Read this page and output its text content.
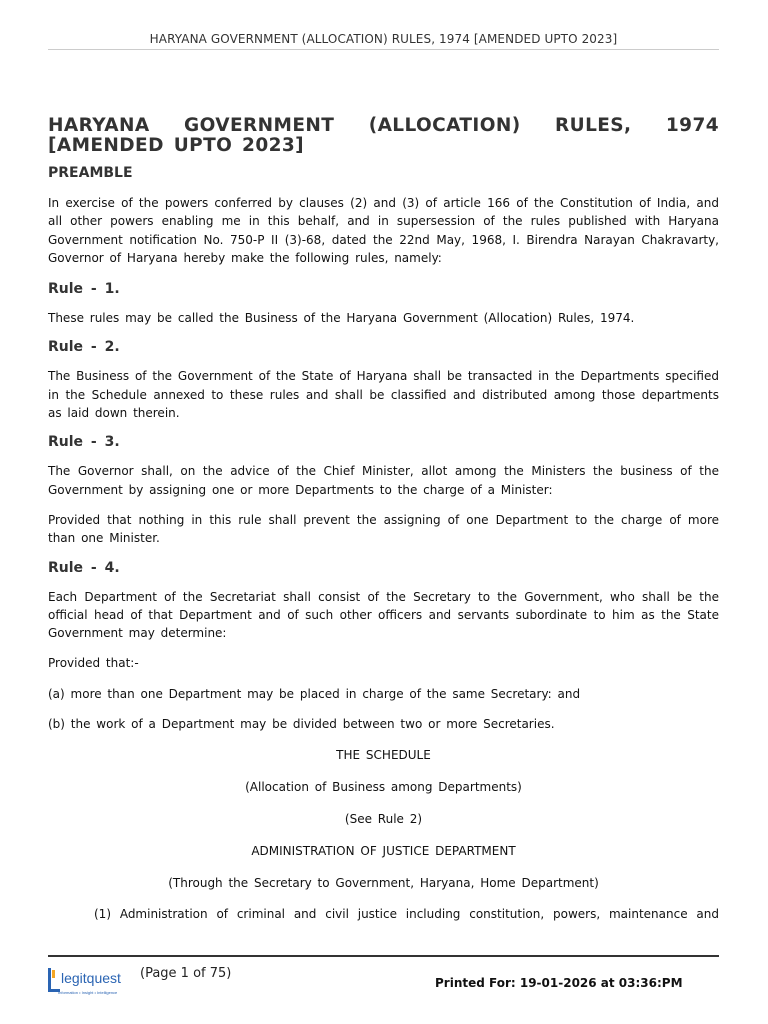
HARYANA GOVERNMENT (ALLOCATION) RULES, 1974 [AMENDED UPTO 2023]
HARYANA GOVERNMENT (ALLOCATION) RULES, 1974 [AMENDED UPTO 2023]
PREAMBLE

In exercise of the powers conferred by clauses (2) and (3) of article 166 of the Constitution of India, and all other powers enabling me in this behalf, and in supersession of the rules published with Haryana Government notification No. 750-P II (3)-68, dated the 22nd May, 1968, I. Birendra Narayan Chakravarty, Governor of Haryana hereby make the following rules, namely:

Rule - 1.

These rules may be called the Business of the Haryana Government (Allocation) Rules, 1974.

Rule - 2.

The Business of the Government of the State of Haryana shall be transacted in the Departments specified in the Schedule annexed to these rules and shall be classified and distributed among those departments as laid down therein.

Rule - 3.

The Governor shall, on the advice of the Chief Minister, allot among the Ministers the business of the Government by assigning one or more Departments to the charge of a Minister:

Provided that nothing in this rule shall prevent the assigning of one Department to the charge of more than one Minister.

Rule - 4.

Each Department of the Secretariat shall consist of the Secretary to the Government, who shall be the official head of that Department and of such other officers and servants subordinate to him as the State Government may determine:

Provided that:-

(a) more than one Department may be placed in charge of the same Secretary: and

(b) the work of a Department may be divided between two or more Secretaries.

THE SCHEDULE

(Allocation of Business among Departments)

(See Rule 2)

ADMINISTRATION OF JUSTICE DEPARTMENT

(Through the Secretary to Government, Haryana, Home Department)

(1) Administration of criminal and civil justice including constitution, powers, maintenance and

legitquest
Information • Insight • Intelligence
(Page 1 of 75)
Printed For: 19-01-2026 at 03:36:PM
